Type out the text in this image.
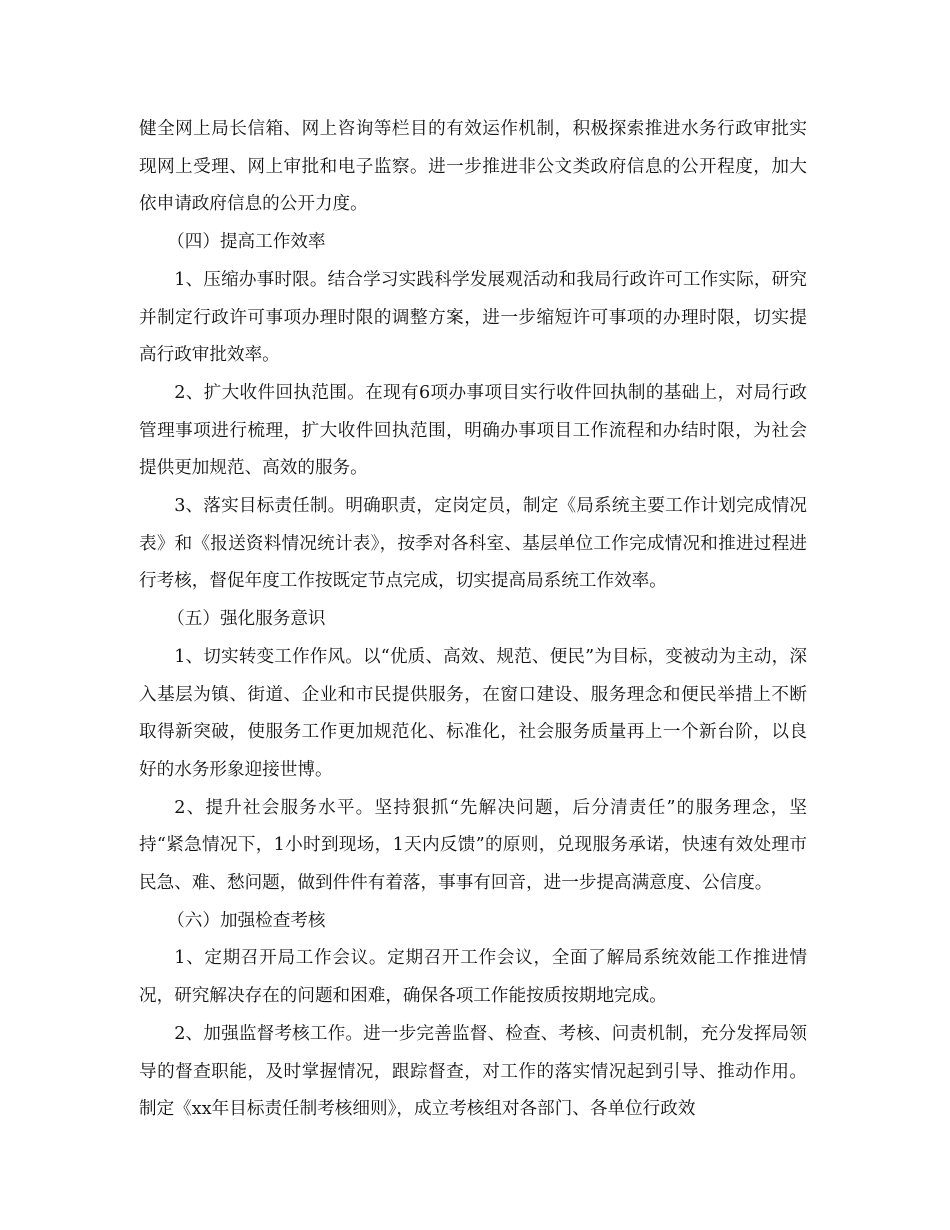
健全网上局长信箱、网上咨询等栏目的有效运作机制，积极探索推进水务行政审批实现网上受理、网上审批和电子监察。进一步推进非公文类政府信息的公开程度，加大依申请政府信息的公开力度。

（四）提高工作效率

1、压缩办事时限。结合学习实践科学发展观活动和我局行政许可工作实际，研究并制定行政许可事项办理时限的调整方案，进一步缩短许可事项的办理时限，切实提高行政审批效率。

2、扩大收件回执范围。在现有6项办事项目实行收件回执制的基础上，对局行政管理事项进行梳理，扩大收件回执范围，明确办事项目工作流程和办结时限，为社会提供更加规范、高效的服务。

3、落实目标责任制。明确职责，定岗定员，制定《局系统主要工作计划完成情况表》和《报送资料情况统计表》，按季对各科室、基层单位工作完成情况和推进过程进行考核，督促年度工作按既定节点完成，切实提高局系统工作效率。

（五）强化服务意识

1、切实转变工作作风。以“优质、高效、规范、便民”为目标，变被动为主动，深入基层为镇、街道、企业和市民提供服务，在窗口建设、服务理念和便民举措上不断取得新突破，使服务工作更加规范化、标准化，社会服务质量再上一个新台阶，以良好的水务形象迎接世博。

2、提升社会服务水平。坚持狠抓“先解决问题，后分清责任”的服务理念，坚持“紧急情况下，1小时到现场，1天内反馈”的原则，兑现服务承诺，快速有效处理市民急、难、愁问题，做到件件有着落，事事有回音，进一步提高满意度、公信度。

（六）加强检查考核

1、定期召开局工作会议。定期召开工作会议，全面了解局系统效能工作推进情况，研究解决存在的问题和困难，确保各项工作能按质按期地完成。

2、加强监督考核工作。进一步完善监督、检查、考核、问责机制，充分发挥局领导的督查职能，及时掌握情况，跟踪督查，对工作的落实情况起到引导、推动作用。制定《xx年目标责任制考核细则》，成立考核组对各部门、各单位行政效
